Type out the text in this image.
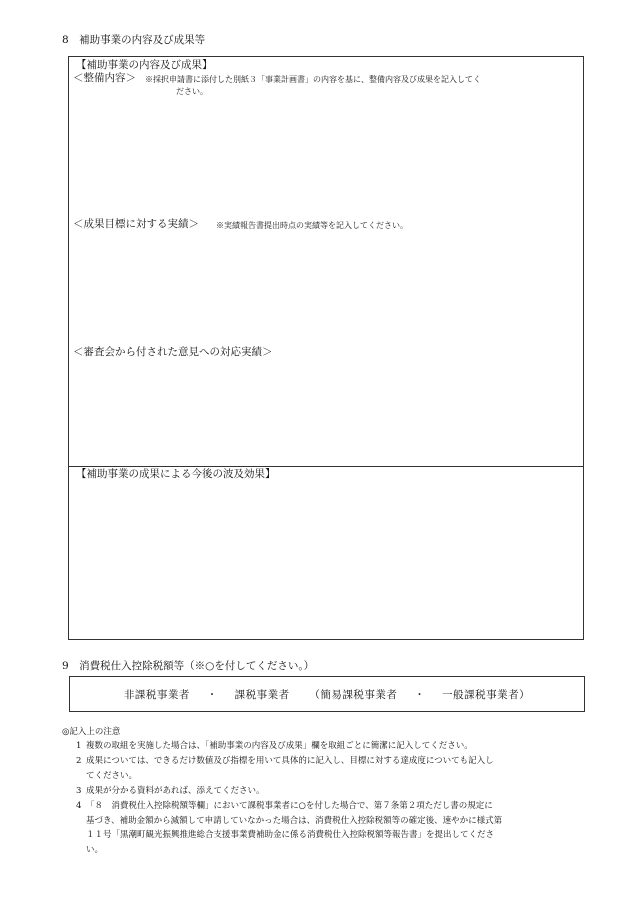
8　補助事業の内容及び成果等
【補助事業の内容及び成果】
＜整備内容＞ ※採択申請書に添付した別紙３「事業計画書」の内容を基に、整備内容及び成果を記入してく
ださい。
＜成果目標に対する実績＞ ※実績報告書提出時点の実績等を記入してください。
＜審査会から付された意見への対応実績＞
【補助事業の成果による今後の波及効果】
9　消費税仕入控除税額等（※○を付してください。）
非課税事業者 ・ 課税事業者 （簡易課税事業者 ・ 一般課税事業者）
◎記入上の注意
1 複数の取組を実施した場合は、「補助事業の内容及び成果」欄を取組ごとに簡潔に記入してください。
2 成果については、できるだけ数値及び指標を用いて具体的に記入し、目標に対する達成度についても記入し
てください。
3 成果が分かる資料があれば、添えてください。
4 「８　消費税仕入控除税額等欄」において課税事業者に○を付した場合で、第７条第２項ただし書の規定に
基づき、補助金額から減額して申請していなかった場合は、消費税仕入控除税額等の確定後、速やかに様式第
１１号「黒潮町観光振興推進総合支援事業費補助金に係る消費税仕入控除税額等報告書」を提出してくださ
い。
